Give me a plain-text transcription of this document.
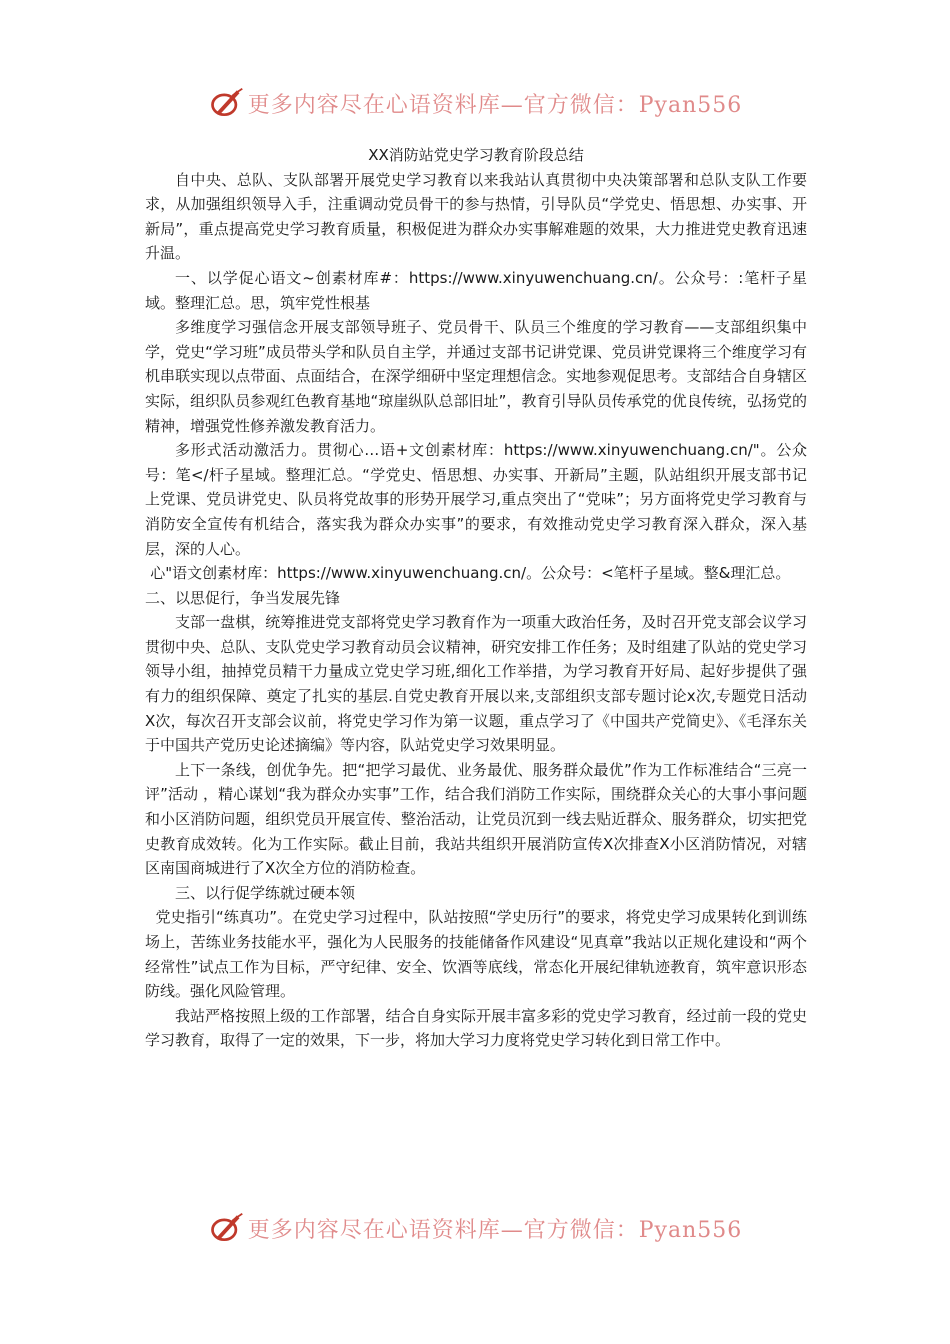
更多内容尽在心语资料库—官方微信：Pyan556
XX消防站党史学习教育阶段总结

自中央、总队、支队部署开展党史学习教育以来我站认真贯彻中央决策部署和总队支队工作要求，从加强组织领导入手，注重调动党员骨干的参与热情，引导队员“学党史、悟思想、办实事、开新局”，重点提高党史学习教育质量，积极促进为群众办实事解难题的效果，大力推进党史教育迅速升温。

一、以学促心语文~创素材库#：https://www.xinyuwenchuang.cn/。公众号：:笔杆子星域。整理汇总。思，筑牢党性根基

多维度学习强信念开展支部领导班子、党员骨干、队员三个维度的学习教育——支部组织集中学，党史“学习班”成员带头学和队员自主学，并通过支部书记讲党课、党员讲党课将三个维度学习有机串联实现以点带面、点面结合，在深学细研中坚定理想信念。实地参观促思考。支部结合自身辖区实际，组织队员参观红色教育基地“琼崖纵队总部旧址”，教育引导队员传承党的优良传统，弘扬党的精神，增强党性修养激发教育活力。

多形式活动激活力。贯彻心…语+文创素材库：https://www.xinyuwenchuang.cn/"。公众号：笔</杆子星域。整理汇总。“学党史、悟思想、办实事、开新局”主题，队站组织开展支部书记上党课、党员讲党史、队员将党故事的形势开展学习,重点突出了“党味”；另方面将党史学习教育与消防安全宣传有机结合，落实我为群众办实事”的要求，有效推动党史学习教育深入群众，深入基层，深的人心。

心"语文创素材库：https://www.xinyuwenchuang.cn/。公众号：<笔杆子星域。整&理汇总。

二、以思促行，争当发展先锋

支部一盘棋，统筹推进党支部将党史学习教育作为一项重大政治任务，及时召开党支部会议学习贯彻中央、总队、支队党史学习教育动员会议精神，研究安排工作任务；及时组建了队站的党史学习领导小组，抽掉党员精干力量成立党史学习班,细化工作举措，为学习教育开好局、起好步提供了强有力的组织保障、奠定了扎实的基层.自党史教育开展以来,支部组织支部专题讨论x次,专题党日活动X次，每次召开支部会议前，将党史学习作为第一议题，重点学习了《中国共产党简史》、《毛泽东关于中国共产党历史论述摘编》等内容，队站党史学习效果明显。

上下一条线，创优争先。把“把学习最优、业务最优、服务群众最优”作为工作标准结合“三亮一评”活动 ，精心谋划“我为群众办实事”工作，结合我们消防工作实际，围绕群众关心的大事小事问题和小区消防问题，组织党员开展宣传、整治活动，让党员沉到一线去贴近群众、服务群众，切实把党史教育成效转。化为工作实际。截止目前，我站共组织开展消防宣传X次排查X小区消防情况，对辖区南国商城进行了X次全方位的消防检查。

三、以行促学练就过硬本领

党史指引“练真功”。在党史学习过程中，队站按照“学史历行”的要求，将党史学习成果转化到训练场上，苦练业务技能水平，强化为人民服务的技能储备作风建设“见真章”我站以正规化建设和“两个经常性”试点工作为目标，严守纪律、安全、饮酒等底线，常态化开展纪律轨迹教育，筑牢意识形态防线。强化风险管理。

我站严格按照上级的工作部署，结合自身实际开展丰富多彩的党史学习教育，经过前一段的党史学习教育，取得了一定的效果，下一步，将加大学习力度将党史学习转化到日常工作中。

更多内容尽在心语资料库—官方微信：Pyan556
